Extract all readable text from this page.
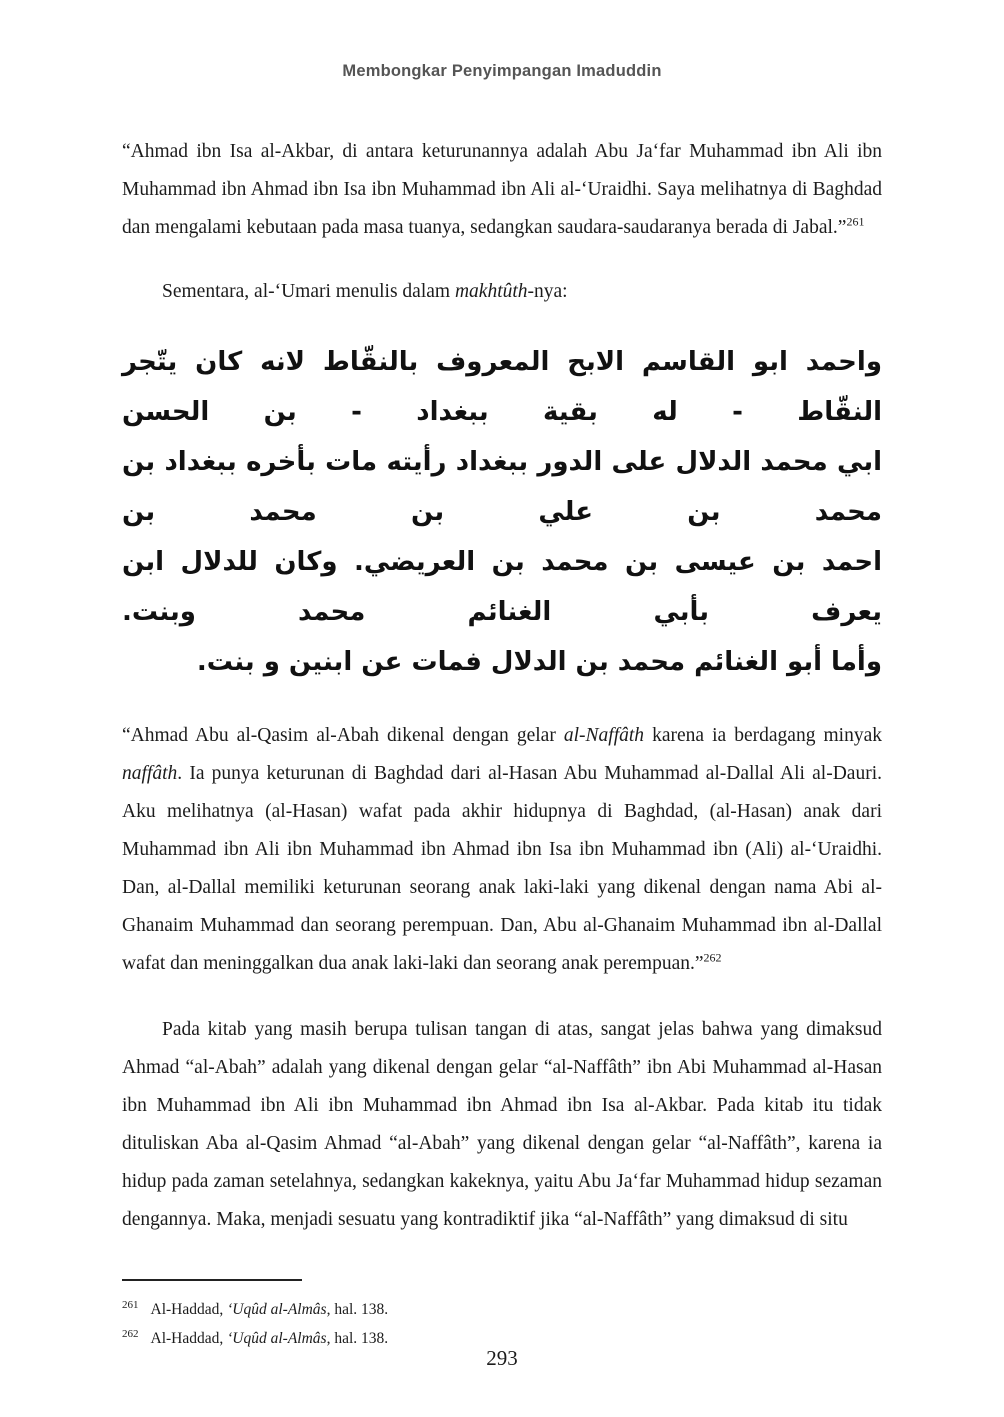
Membongkar Penyimpangan Imaduddin

“Ahmad ibn Isa al-Akbar, di antara keturunannya adalah Abu Ja‘far Muhammad ibn Ali ibn Muhammad ibn Ahmad ibn Isa ibn Muhammad ibn Ali al-‘Uraidhi. Saya melihatnya di Baghdad dan mengalami kebutaan pada masa tuanya, sedangkan saudara-saudaranya berada di Jabal.”$^{261}$

Sementara, al-‘Umari menulis dalam makhtûth-nya:

واحمد ابو القاسم الابح المعروف بالنقّاط لانه كان يتّجر النقّاط - له بقية ببغداد - بن الحسن
ابي محمد الدلال على الدور ببغداد رأيته مات بأخره ببغداد بن محمد بن علي بن محمد بن
احمد بن عيسى بن محمد بن العريضي. وكان للدلال ابن يعرف بأبي الغنائم محمد وبنت.
وأما أبو الغنائم محمد بن الدلال فمات عن ابنين و بنت.

“Ahmad Abu al-Qasim al-Abah dikenal dengan gelar al-Naffâth karena ia berdagang minyak naffâth. Ia punya keturunan di Baghdad dari al-Hasan Abu Muhammad al-Dallal Ali al-Dauri. Aku melihatnya (al-Hasan) wafat pada akhir hidupnya di Baghdad, (al-Hasan) anak dari Muhammad ibn Ali ibn Muhammad ibn Ahmad ibn Isa ibn Muhammad ibn (Ali) al-‘Uraidhi. Dan, al-Dallal memiliki keturunan seorang anak laki-laki yang dikenal dengan nama Abi al-Ghanaim Muhammad dan seorang perempuan. Dan, Abu al-Ghanaim Muhammad ibn al-Dallal wafat dan meninggalkan dua anak laki-laki dan seorang anak perempuan.”$^{262}$

Pada kitab yang masih berupa tulisan tangan di atas, sangat jelas bahwa yang dimaksud Ahmad “al-Abah” adalah yang dikenal dengan gelar “al-Naffâth” ibn Abi Muhammad al-Hasan ibn Muhammad ibn Ali ibn Muhammad ibn Ahmad ibn Isa al-Akbar. Pada kitab itu tidak dituliskan Aba al-Qasim Ahmad “al-Abah” yang dikenal dengan gelar “al-Naffâth”, karena ia hidup pada zaman setelahnya, sedangkan kakeknya, yaitu Abu Ja‘far Muhammad hidup sezaman dengannya. Maka, menjadi sesuatu yang kontradiktif jika “al-Naffâth” yang dimaksud di situ

$^{261}$ Al-Haddad, ‘Uqûd al-Almâs, hal. 138.
$^{262}$ Al-Haddad, ‘Uqûd al-Almâs, hal. 138.
293
